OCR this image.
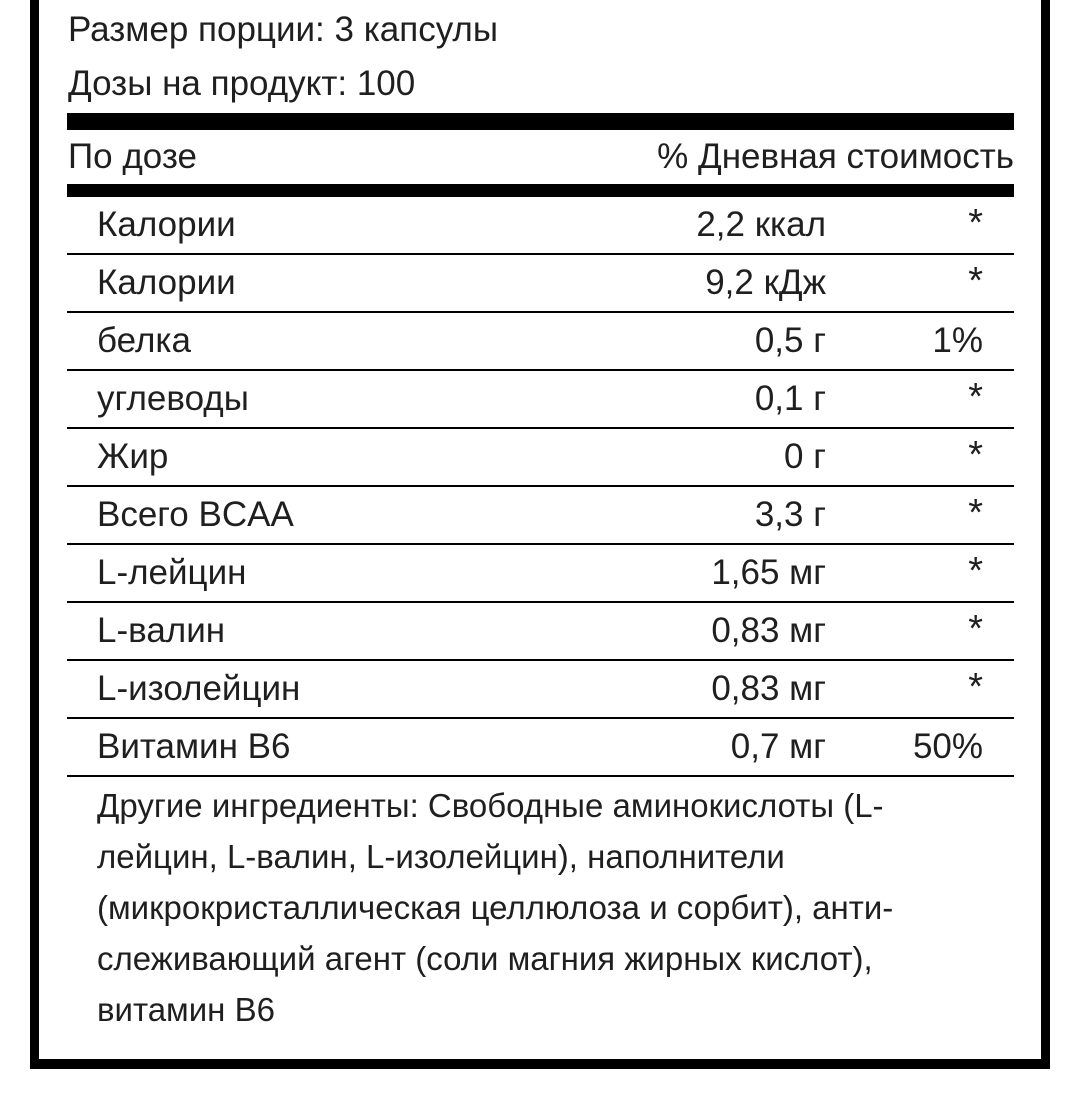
Размер порции: 3 капсулы
Дозы на продукт: 100
По дозе	% Дневная стоимость
Калории	2,2 ккал	*
Калории	9,2 кДж	*
белка	0,5 г	1%
углеводы	0,1 г	*
Жир	0 г	*
Всего BCAA	3,3 г	*
L-лейцин	1,65 мг	*
L-валин	0,83 мг	*
L-изолейцин	0,83 мг	*
Витамин B6	0,7 мг 50%

Другие ингредиенты: Свободные аминокислоты (L-лейцин, L-валин, L-изолейцин), наполнители (микрокристаллическая целлюлоза и сорбит), анти-слеживающий агент (соли магния жирных кислот), витамин B6
